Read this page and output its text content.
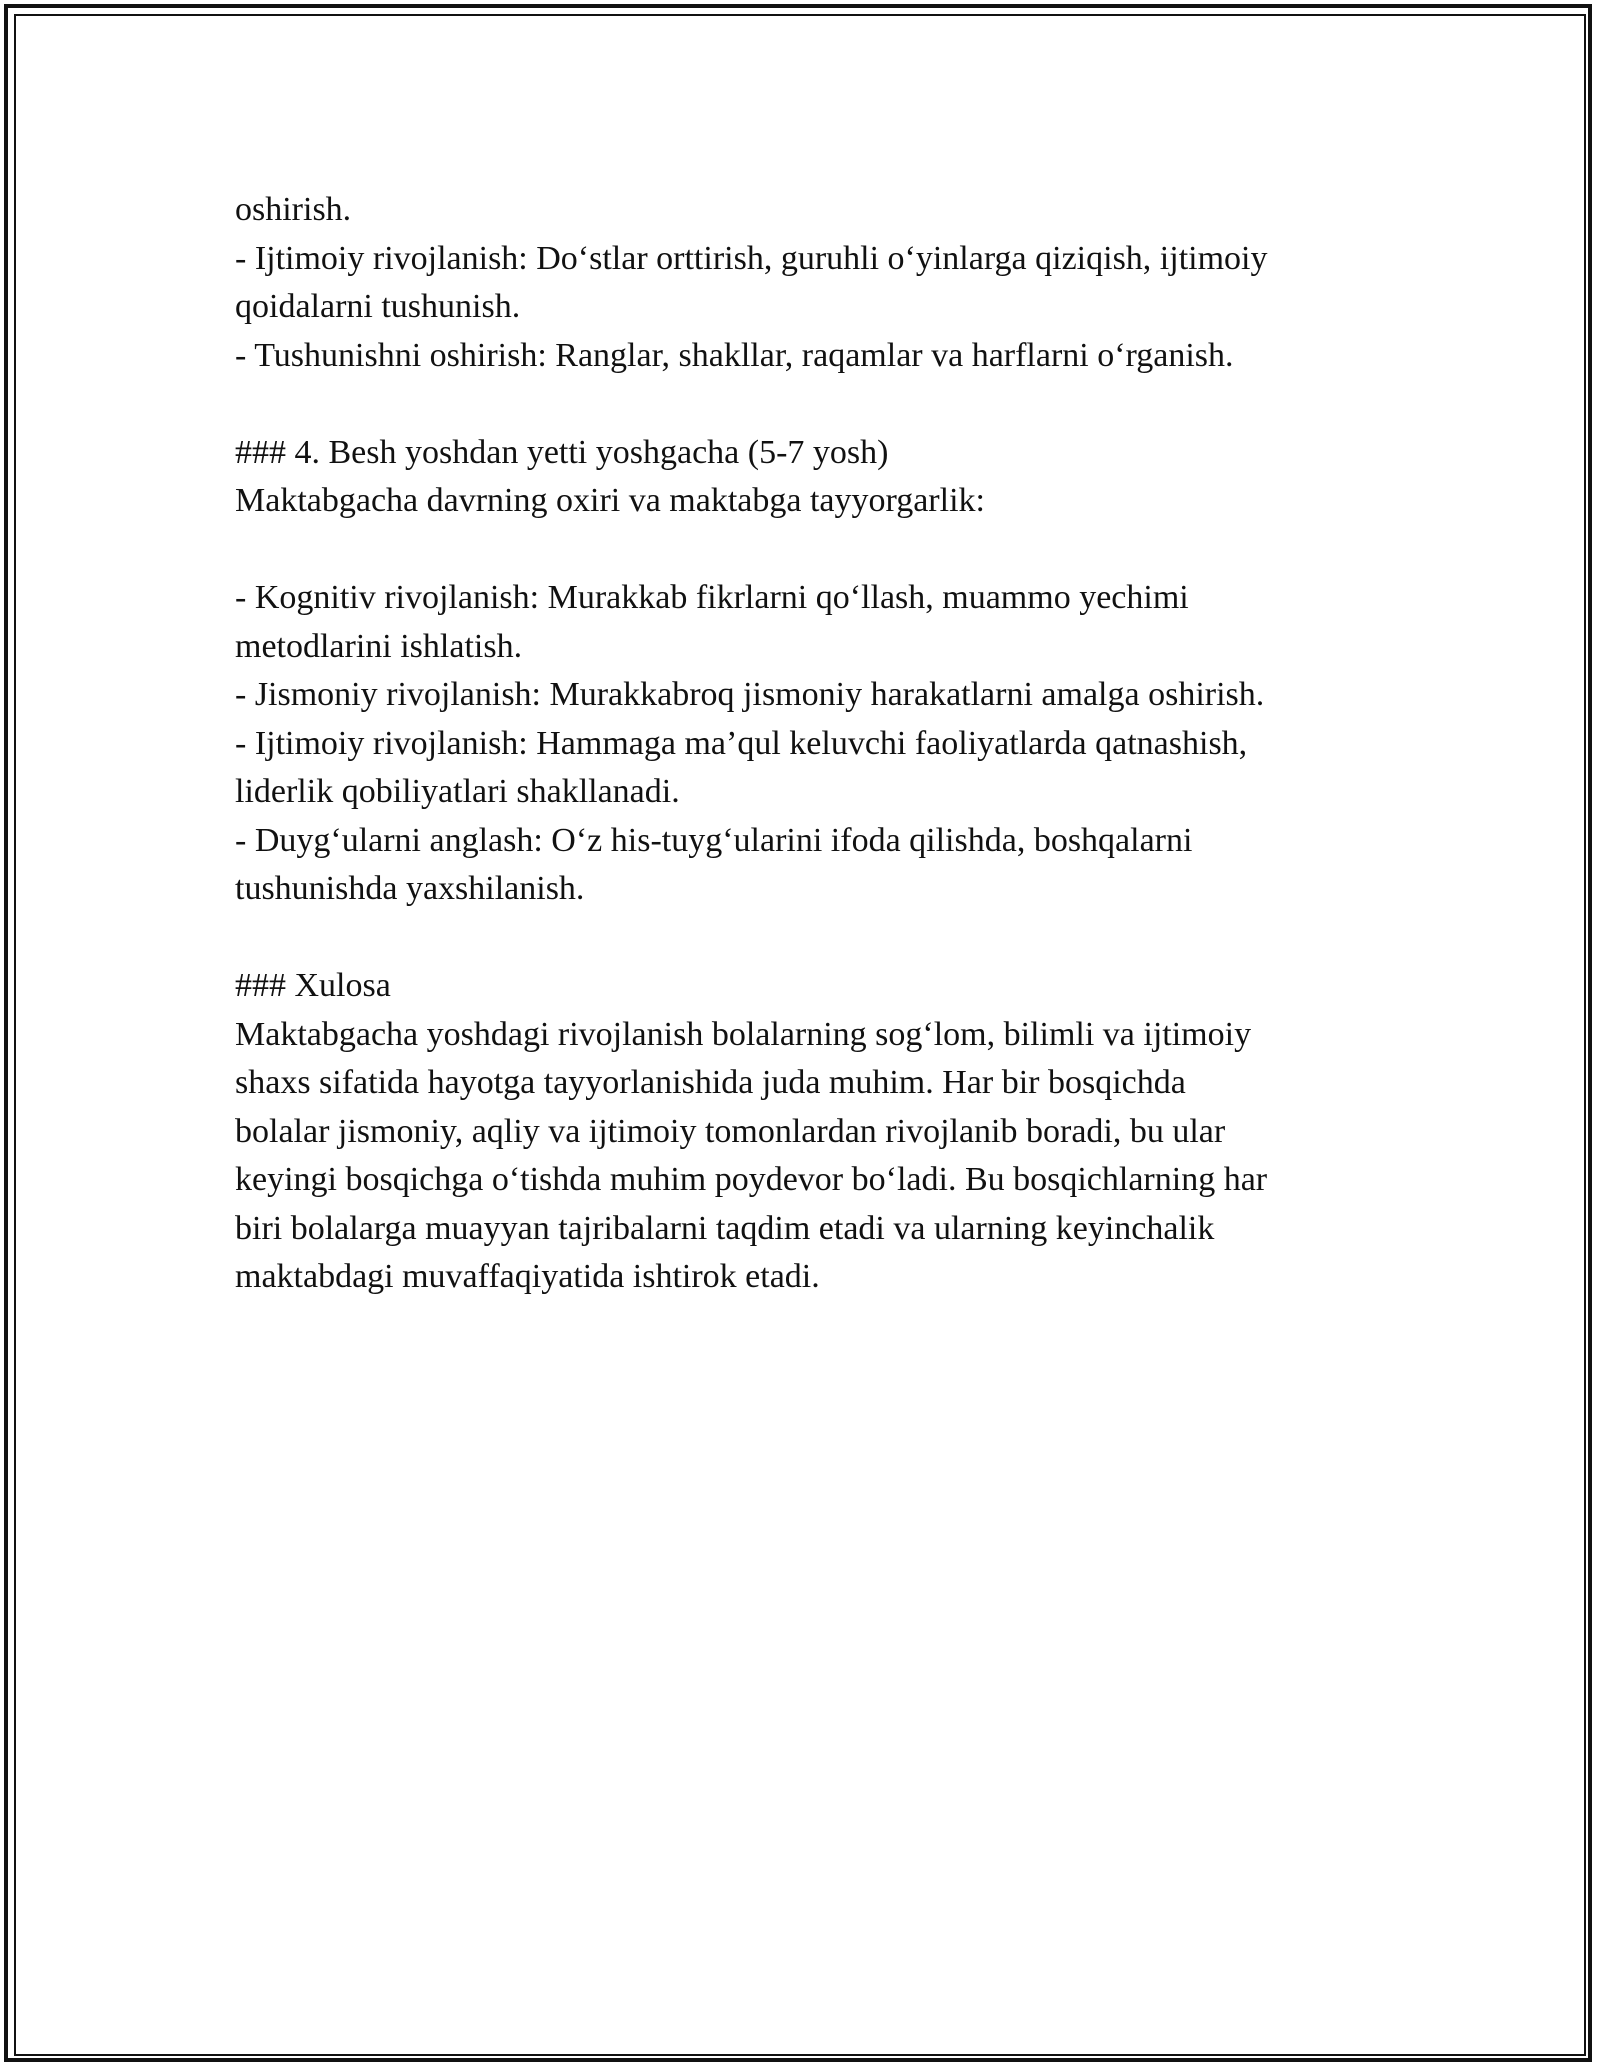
oshirish.
- Ijtimoiy rivojlanish: Do‘stlar orttirish, guruhli o‘yinlarga qiziqish, ijtimoiy
qoidalarni tushunish.
- Tushunishni oshirish: Ranglar, shakllar, raqamlar va harflarni o‘rganish.
### 4. Besh yoshdan yetti yoshgacha (5-7 yosh)
Maktabgacha davrning oxiri va maktabga tayyorgarlik:
- Kognitiv rivojlanish: Murakkab fikrlarni qo‘llash, muammo yechimi
metodlarini ishlatish.
- Jismoniy rivojlanish: Murakkabroq jismoniy harakatlarni amalga oshirish.
- Ijtimoiy rivojlanish: Hammaga ma’qul keluvchi faoliyatlarda qatnashish,
liderlik qobiliyatlari shakllanadi.
- Duyg‘ularni anglash: O‘z his-tuyg‘ularini ifoda qilishda, boshqalarni
tushunishda yaxshilanish.
### Xulosa
Maktabgacha yoshdagi rivojlanish bolalarning sog‘lom, bilimli va ijtimoiy
shaxs sifatida hayotga tayyorlanishida juda muhim. Har bir bosqichda
bolalar jismoniy, aqliy va ijtimoiy tomonlardan rivojlanib boradi, bu ular
keyingi bosqichga o‘tishda muhim poydevor bo‘ladi. Bu bosqichlarning har
biri bolalarga muayyan tajribalarni taqdim etadi va ularning keyinchalik
maktabdagi muvaffaqiyatida ishtirok etadi.
